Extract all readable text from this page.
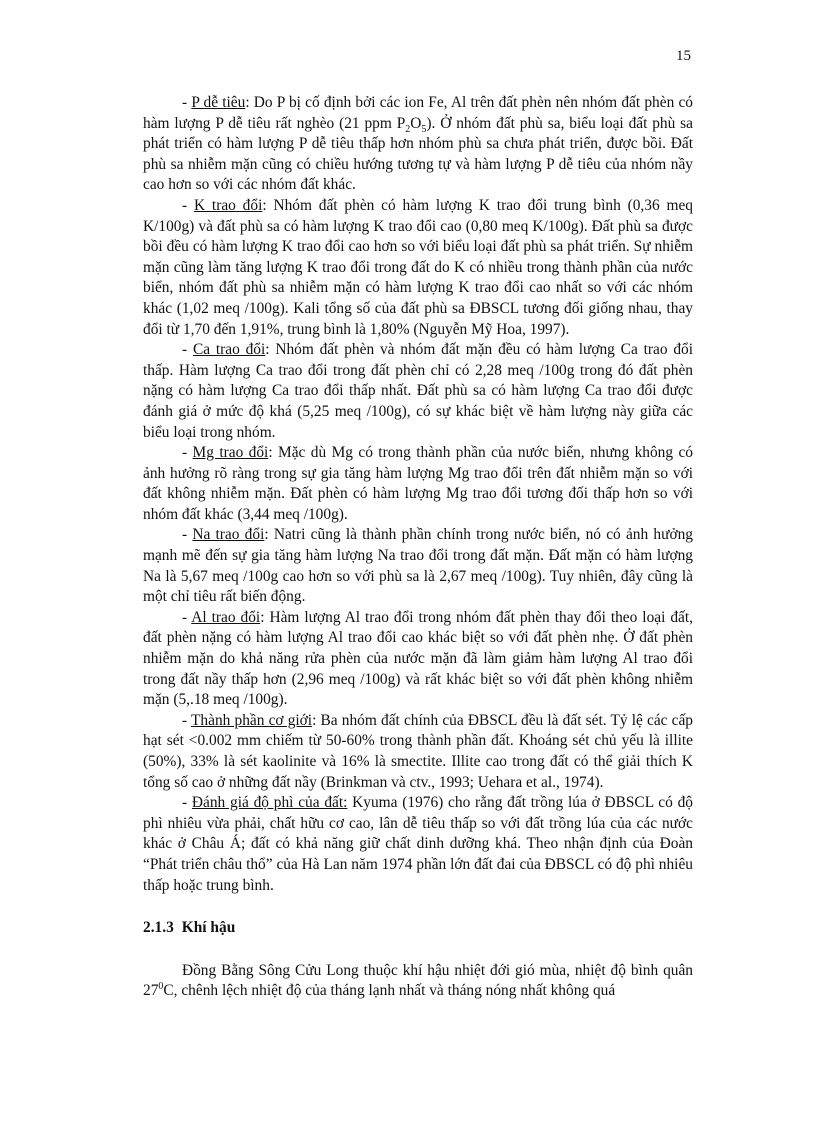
15

- P dễ tiêu: Do P bị cố định bởi các ion Fe, Al trên đất phèn nên nhóm đất phèn có hàm lượng P dễ tiêu rất nghèo (21 ppm $P_2O_5$). Ở nhóm đất phù sa, biểu loại đất phù sa phát triển có hàm lượng P dễ tiêu thấp hơn nhóm phù sa chưa phát triển, được bồi. Đất phù sa nhiễm mặn cũng có chiều hướng tương tự và hàm lượng P dễ tiêu của nhóm nầy cao hơn so với các nhóm đất khác.

- K trao đổi: Nhóm đất phèn có hàm lượng K trao đổi trung bình (0,36 meq K/100g) và đất phù sa có hàm lượng K trao đổi cao (0,80 meq K/100g). Đất phù sa được bồi đều có hàm lượng K trao đổi cao hơn so với biểu loại đất phù sa phát triển. Sự nhiễm mặn cũng làm tăng lượng K trao đổi trong đất do K có nhiều trong thành phần của nước biển, nhóm đất phù sa nhiễm mặn có hàm lượng K trao đổi cao nhất so với các nhóm khác (1,02 meq /100g). Kali tổng số của đất phù sa ĐBSCL tương đối giống nhau, thay đổi từ 1,70 đến 1,91%, trung bình là 1,80% (Nguyễn Mỹ Hoa, 1997).

- Ca trao đổi: Nhóm đất phèn và nhóm đất mặn đều có hàm lượng Ca trao đổi thấp. Hàm lượng Ca trao đổi trong đất phèn chỉ có 2,28 meq /100g trong đó đất phèn nặng có hàm lượng Ca trao đổi thấp nhất. Đất phù sa có hàm lượng Ca trao đổi được đánh giá ở mức độ khá (5,25 meq /100g), có sự khác biệt về hàm lượng này giữa các biểu loại trong nhóm.

- Mg trao đổi: Mặc dù Mg có trong thành phần của nước biển, nhưng không có ảnh hưởng rõ ràng trong sự gia tăng hàm lượng Mg trao đổi trên đất nhiễm mặn so với đất không nhiễm mặn. Đất phèn có hàm lượng Mg trao đổi tương đối thấp hơn so với nhóm đất khác (3,44 meq /100g).

- Na trao đổi: Natri cũng là thành phần chính trong nước biển, nó có ảnh hưởng mạnh mẽ đến sự gia tăng hàm lượng Na trao đổi trong đất mặn. Đất mặn có hàm lượng Na là 5,67 meq /100g cao hơn so với phù sa là 2,67 meq /100g). Tuy nhiên, đây cũng là một chỉ tiêu rất biến động.

- Al trao đổi: Hàm lượng Al trao đổi trong nhóm đất phèn thay đổi theo loại đất, đất phèn nặng có hàm lượng Al trao đổi cao khác biệt so với đất phèn nhẹ. Ở đất phèn nhiễm mặn do khả năng rửa phèn của nước mặn đã làm giảm hàm lượng Al trao đổi trong đất nầy thấp hơn (2,96 meq /100g) và rất khác biệt so với đất phèn không nhiễm mặn (5,.18 meq /100g).

- Thành phần cơ giới: Ba nhóm đất chính của ĐBSCL đều là đất sét. Tỷ lệ các cấp hạt sét <0.002 mm chiếm từ 50-60% trong thành phần đất. Khoáng sét chủ yếu là illite (50%), 33% là sét kaolinite và 16% là smectite. Illite cao trong đất có thể giải thích K tổng số cao ở những đất nầy (Brinkman và ctv., 1993; Uehara et al., 1974).

- Đánh giá độ phì của đất: Kyuma (1976) cho rằng đất trồng lúa ở ĐBSCL có độ phì nhiêu vừa phải, chất hữu cơ cao, lân dễ tiêu thấp so với đất trồng lúa của các nước khác ở Châu Á; đất có khả năng giữ chất dinh dưỡng khá. Theo nhận định của Đoàn “Phát triển châu thổ” của Hà Lan năm 1974 phần lớn đất đai của ĐBSCL có độ phì nhiêu thấp hoặc trung bình.

2.1.3 Khí hậu

Đồng Bằng Sông Cửu Long thuộc khí hậu nhiệt đới gió mùa, nhiệt độ bình quân $27^0C$, chênh lệch nhiệt độ của tháng lạnh nhất và tháng nóng nhất không quá
